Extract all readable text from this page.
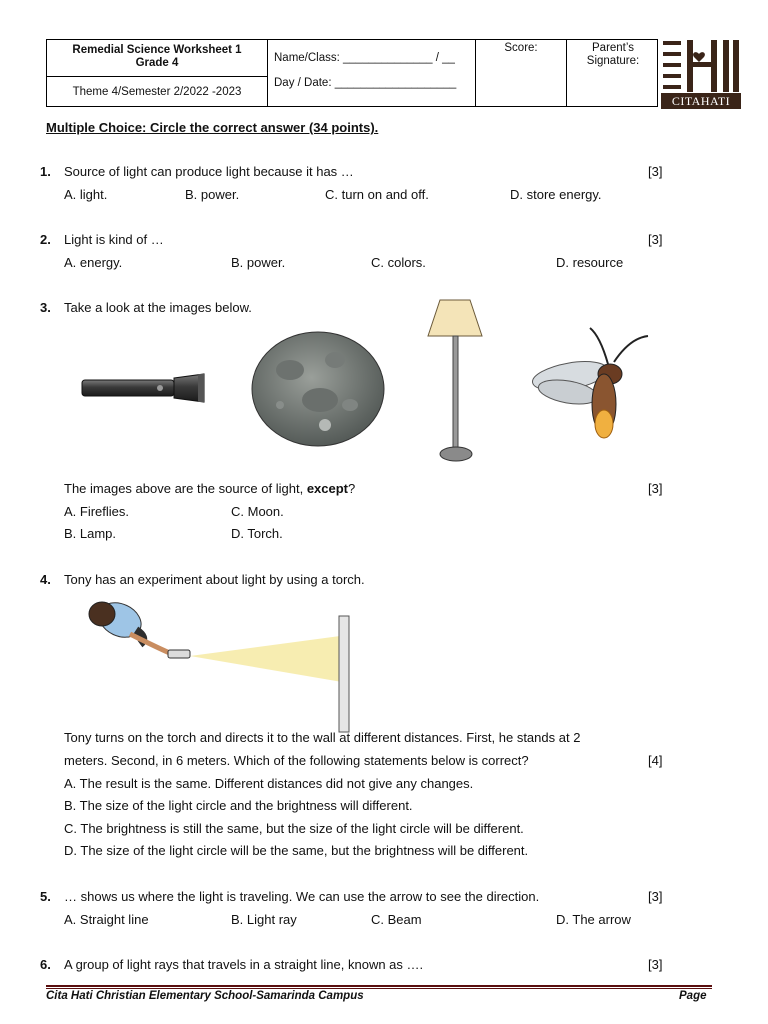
Remedial Science Worksheet 1
Grade 4
Theme 4/Semester 2/2022 -2023
Name/Class: ______________ / __
Day / Date: ___________________
Score:	Parent’s
Signature:
CITAHATI
Multiple Choice: Circle the correct answer (34 points).
1. Source of light can produce light because it has …	[3]
A. light.	B. power.	C. turn on and off.	D. store energy.
2. Light is kind of …	[3]
A. energy.	B. power.	C. colors.	D. resource
3. Take a look at the images below.
The images above are the source of light, except?	[3]
A. Fireflies.	C. Moon.
B. Lamp.	D. Torch.
4. Tony has an experiment about light by using a torch.
Tony turns on the torch and directs it to the wall at different distances. First, he stands at 2
meters. Second, in 6 meters. Which of the following statements below is correct?	[4]
A. The result is the same. Different distances did not give any changes.
B. The size of the light circle and the brightness will different.
C. The brightness is still the same, but the size of the light circle will be different.
D. The size of the light circle will be the same, but the brightness will be different.
5. … shows us where the light is traveling. We can use the arrow to see the direction.	[3]
A. Straight line	B. Light ray	C. Beam	D. The arrow
6. A group of light rays that travels in a straight line, known as ….	[3]
Cita Hati Christian Elementary School-Samarinda Campus	Page
